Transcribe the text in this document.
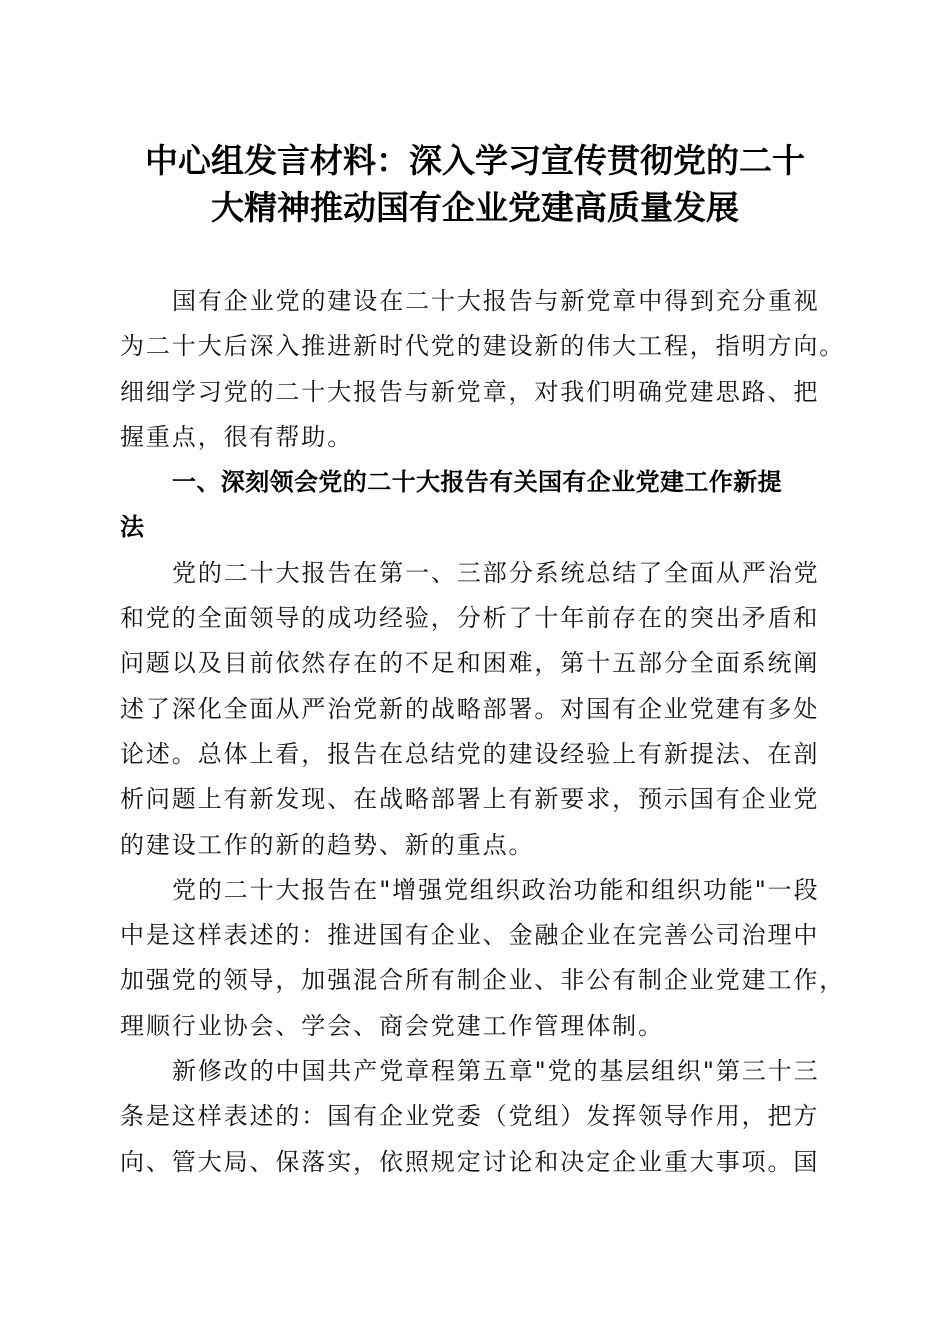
中心组发言材料：深入学习宣传贯彻党的二十
大精神推动国有企业党建高质量发展
国有企业党的建设在二十大报告与新党章中得到充分重视
为二十大后深入推进新时代党的建设新的伟大工程，指明方向。
细细学习党的二十大报告与新党章，对我们明确党建思路、把
握重点，很有帮助。
一、深刻领会党的二十大报告有关国有企业党建工作新提
法
党的二十大报告在第一、三部分系统总结了全面从严治党
和党的全面领导的成功经验，分析了十年前存在的突出矛盾和
问题以及目前依然存在的不足和困难，第十五部分全面系统阐
述了深化全面从严治党新的战略部署。对国有企业党建有多处
论述。总体上看，报告在总结党的建设经验上有新提法、在剖
析问题上有新发现、在战略部署上有新要求，预示国有企业党
的建设工作的新的趋势、新的重点。
党的二十大报告在"增强党组织政治功能和组织功能"一段
中是这样表述的：推进国有企业、金融企业在完善公司治理中
加强党的领导，加强混合所有制企业、非公有制企业党建工作，
理顺行业协会、学会、商会党建工作管理体制。
新修改的中国共产党章程第五章"党的基层组织"第三十三
条是这样表述的：国有企业党委（党组）发挥领导作用，把方
向、管大局、保落实，依照规定讨论和决定企业重大事项。国
